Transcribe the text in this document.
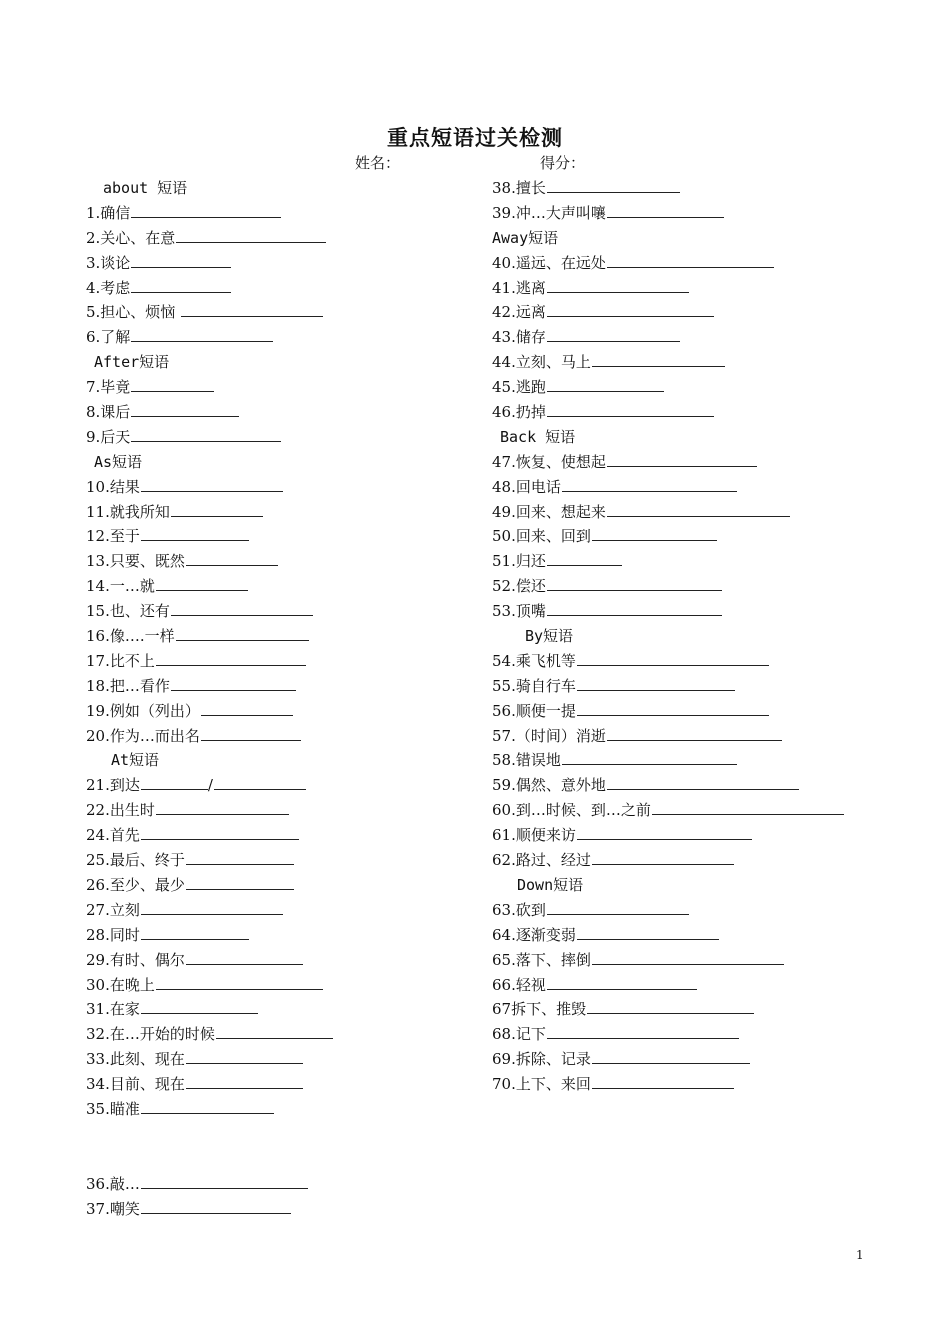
重点短语过关检测
姓名：	得分：
about 短语
1.确信
2.关心、在意
3.谈论
4.考虑
5.担心、烦恼
6.了解
After短语
7.毕竟
8.课后
9.后天
As短语
10.结果
11.就我所知
12.至于
13.只要、既然
14.一…就
15.也、还有
16.像….一样
17.比不上
18.把…看作
19.例如（列出）
20.作为…而出名
At短语
21.到达	/
22.出生时
24.首先
25.最后、终于
26.至少、最少
27.立刻
28.同时
29.有时、偶尔
30.在晚上
31.在家
32.在…开始的时候
33.此刻、现在
34.目前、现在
35.瞄准
36.敲…
37.嘲笑
38.擅长
39.冲…大声叫嚷
Away短语
40.遥远、在远处
41.逃离
42.远离
43.储存
44.立刻、马上
45.逃跑
46.扔掉
Back 短语
47.恢复、使想起
48.回电话
49.回来、想起来
50.回来、回到
51.归还
52.偿还
53.顶嘴
By短语
54.乘飞机等
55.骑自行车
56.顺便一提
57.（时间）消逝
58.错误地
59.偶然、意外地
60.到…时候、到…之前
61.顺便来访
62.路过、经过
Down短语
63.砍到
64.逐渐变弱
65.落下、摔倒
66.轻视
67拆下、推毁
68.记下
69.拆除、记录
70.上下、来回
1
